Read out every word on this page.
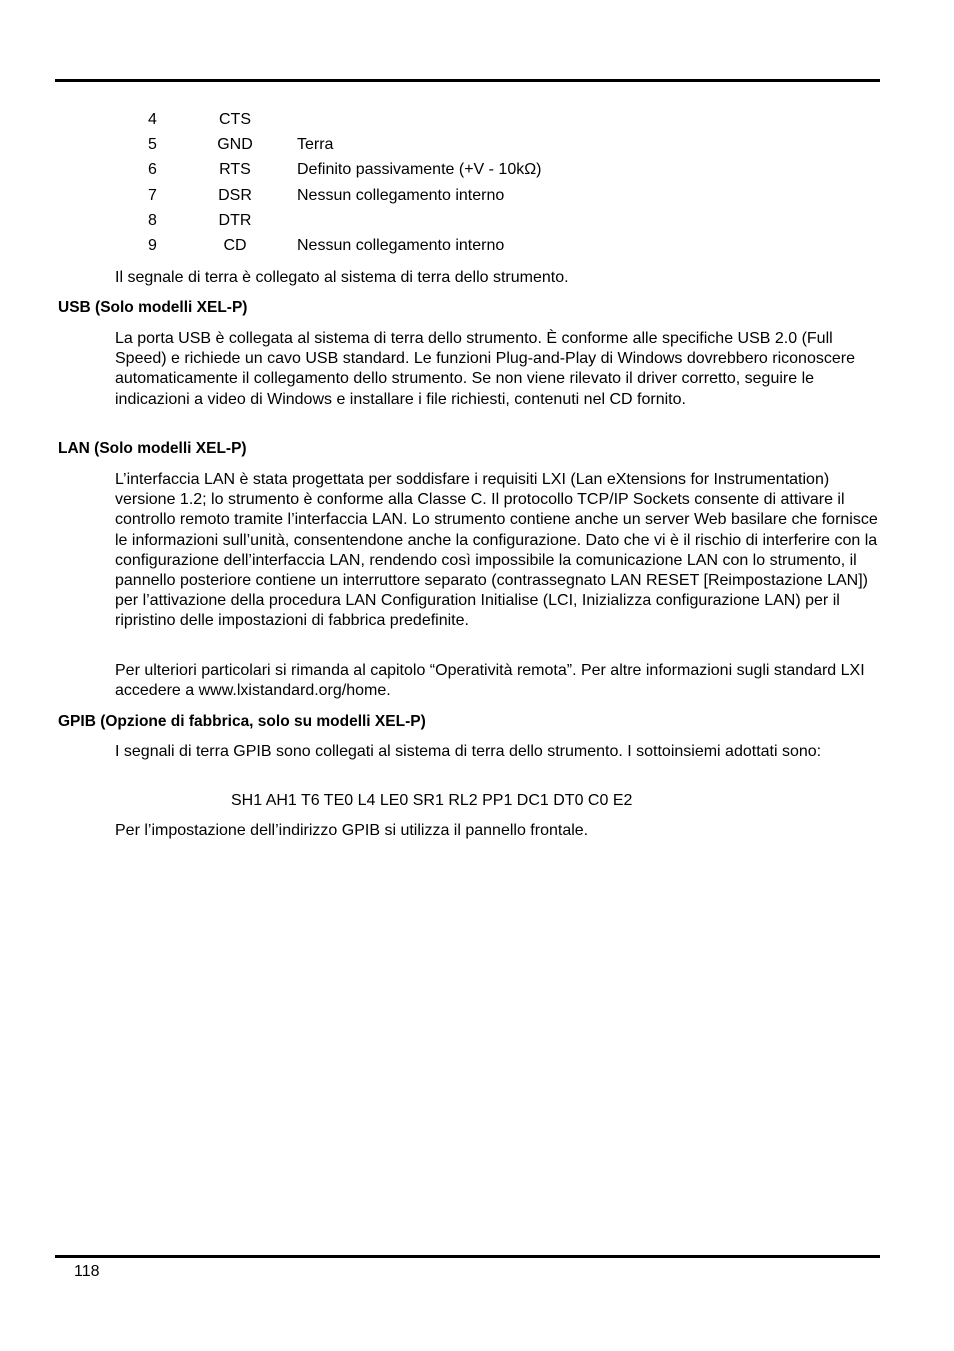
4	CTS
5	GND	Terra
6	RTS	Definito passivamente (+V - 10kΩ)
7	DSR	Nessun collegamento interno
8	DTR
9	CD	Nessun collegamento interno

Il segnale di terra è collegato al sistema di terra dello strumento.

USB (Solo modelli XEL-P)

La porta USB è collegata al sistema di terra dello strumento. È conforme alle specifiche USB 2.0 (Full Speed) e richiede un cavo USB standard. Le funzioni Plug-and-Play di Windows dovrebbero riconoscere automaticamente il collegamento dello strumento. Se non viene rilevato il driver corretto, seguire le indicazioni a video di Windows e installare i file richiesti, contenuti nel CD fornito.

LAN (Solo modelli XEL-P)

L’interfaccia LAN è stata progettata per soddisfare i requisiti LXI (Lan eXtensions for Instrumentation) versione 1.2; lo strumento è conforme alla Classe C. Il protocollo TCP/IP Sockets consente di attivare il controllo remoto tramite l’interfaccia LAN. Lo strumento contiene anche un server Web basilare che fornisce le informazioni sull’unità, consentendone anche la configurazione. Dato che vi è il rischio di interferire con la configurazione dell’interfaccia LAN, rendendo così impossibile la comunicazione LAN con lo strumento, il pannello posteriore contiene un interruttore separato (contrassegnato LAN RESET [Reimpostazione LAN]) per l’attivazione della procedura LAN Configuration Initialise (LCI, Inizializza configurazione LAN) per il ripristino delle impostazioni di fabbrica predefinite.

Per ulteriori particolari si rimanda al capitolo “Operatività remota”. Per altre informazioni sugli standard LXI accedere a www.lxistandard.org/home.

GPIB (Opzione di fabbrica, solo su modelli XEL-P)

I segnali di terra GPIB sono collegati al sistema di terra dello strumento. I sottoinsiemi adottati sono:

SH1 AH1 T6 TE0 L4 LE0 SR1 RL2 PP1 DC1 DT0 C0 E2

Per l’impostazione dell’indirizzo GPIB si utilizza il pannello frontale.

118
